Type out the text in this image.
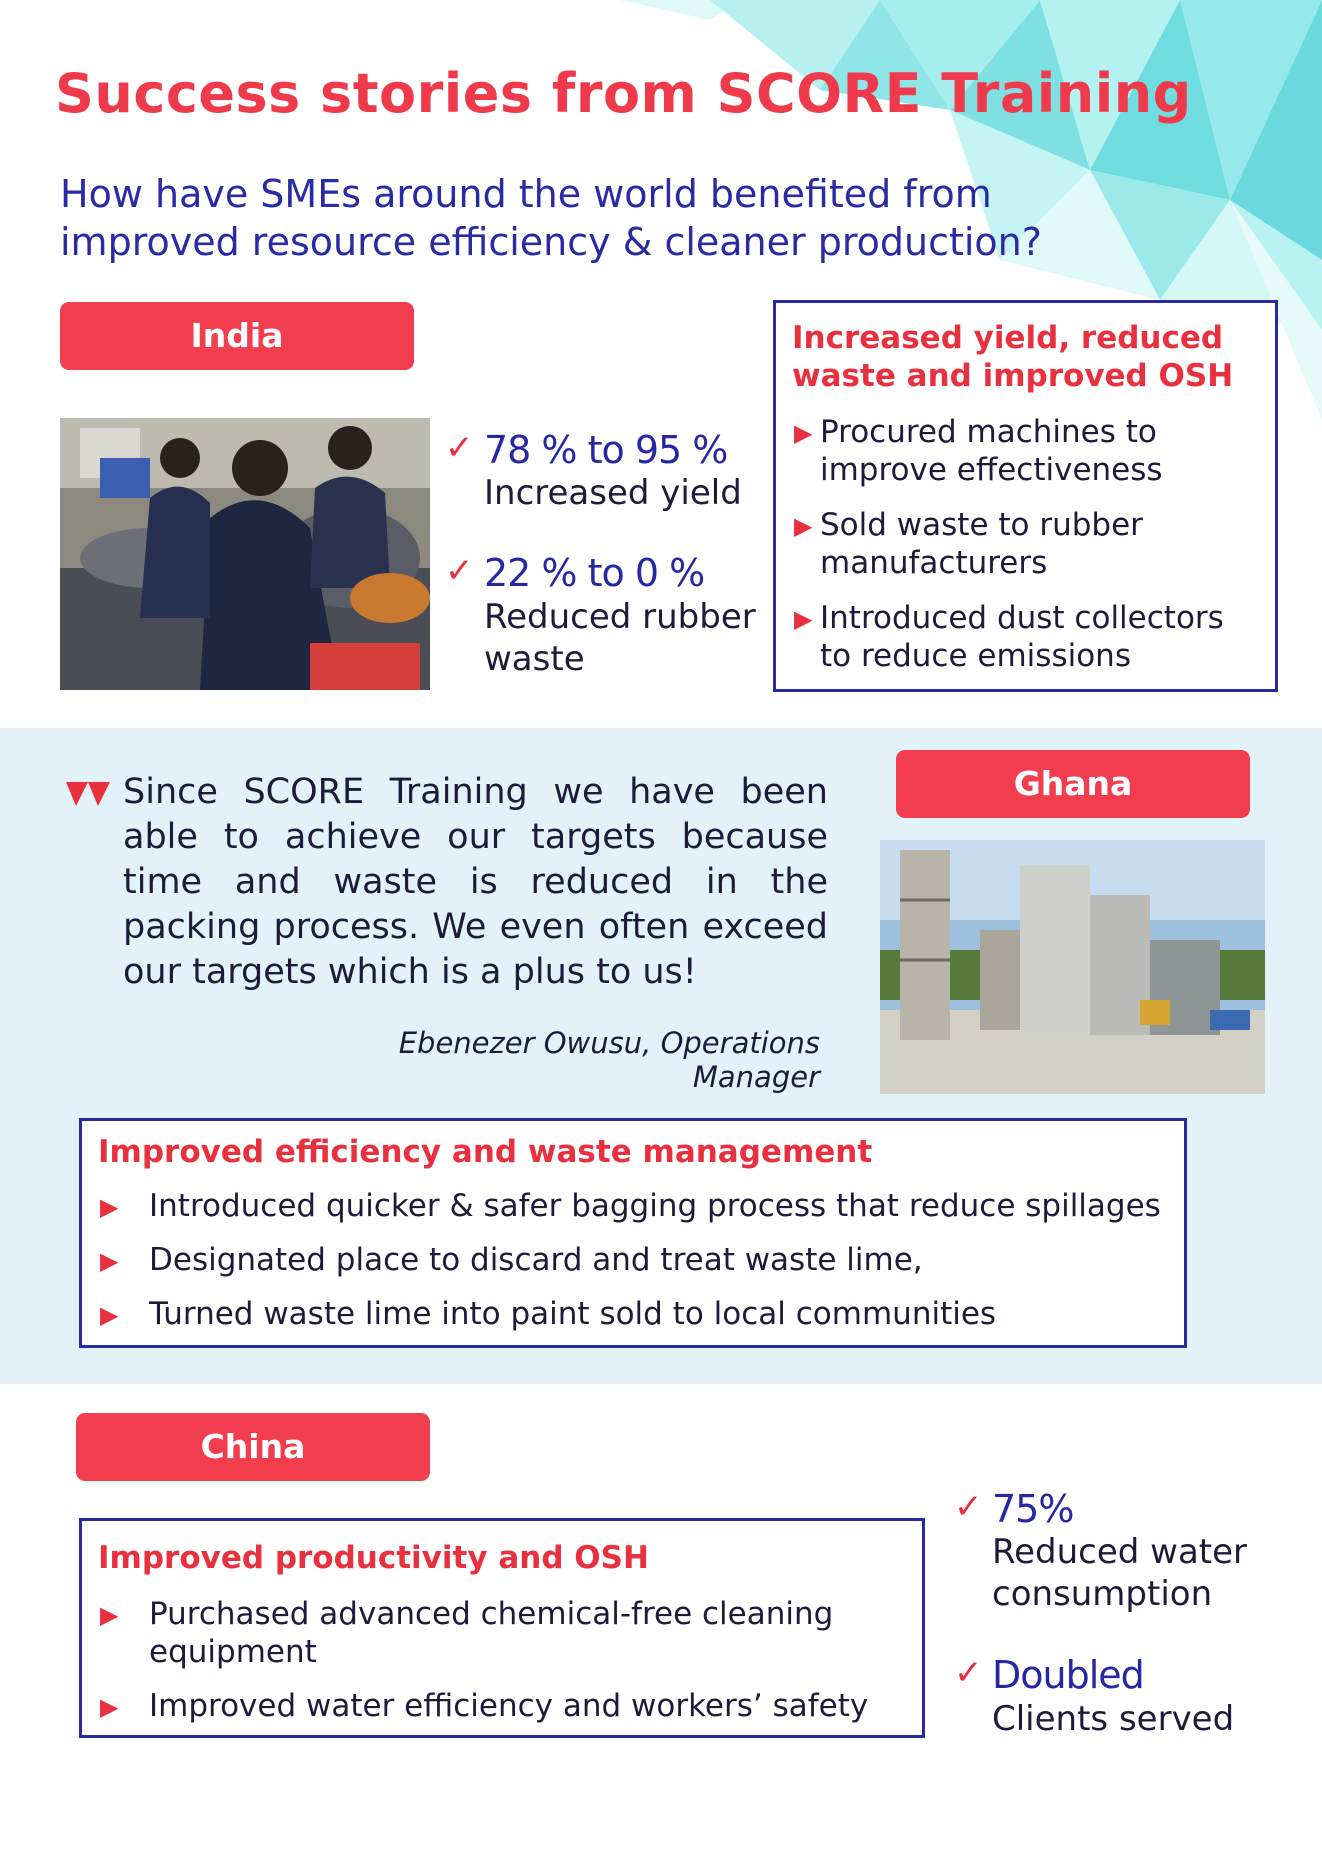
Success stories from SCORE Training
How have SMEs around the world benefited from
improved resource efficiency & cleaner production?
India
✓ 78 % to 95 %
Increased yield
✓ 22 % to 0 %
Reduced rubber
waste
Increased yield, reduced
waste and improved OSH
▶ Procured machines to
improve effectiveness
▶ Sold waste to rubber
manufacturers
▶ Introduced dust collectors
to reduce emissions

Since SCORE Training we have been able to achieve our targets because time and waste is reduced in the packing process. We even often exceed our targets which is a plus to us!

Ebenezer Owusu, Operations Manager
Ghana
Improved efficiency and waste management
▶ Introduced quicker & safer bagging process that reduce spillages
▶ Designated place to discard and treat waste lime,
▶ Turned waste lime into paint sold to local communities
China
Improved productivity and OSH
▶ Purchased advanced chemical-free cleaning
equipment
▶ Improved water efficiency and workers’ safety
✓ 75%
Reduced water
consumption
✓ Doubled
Clients served
